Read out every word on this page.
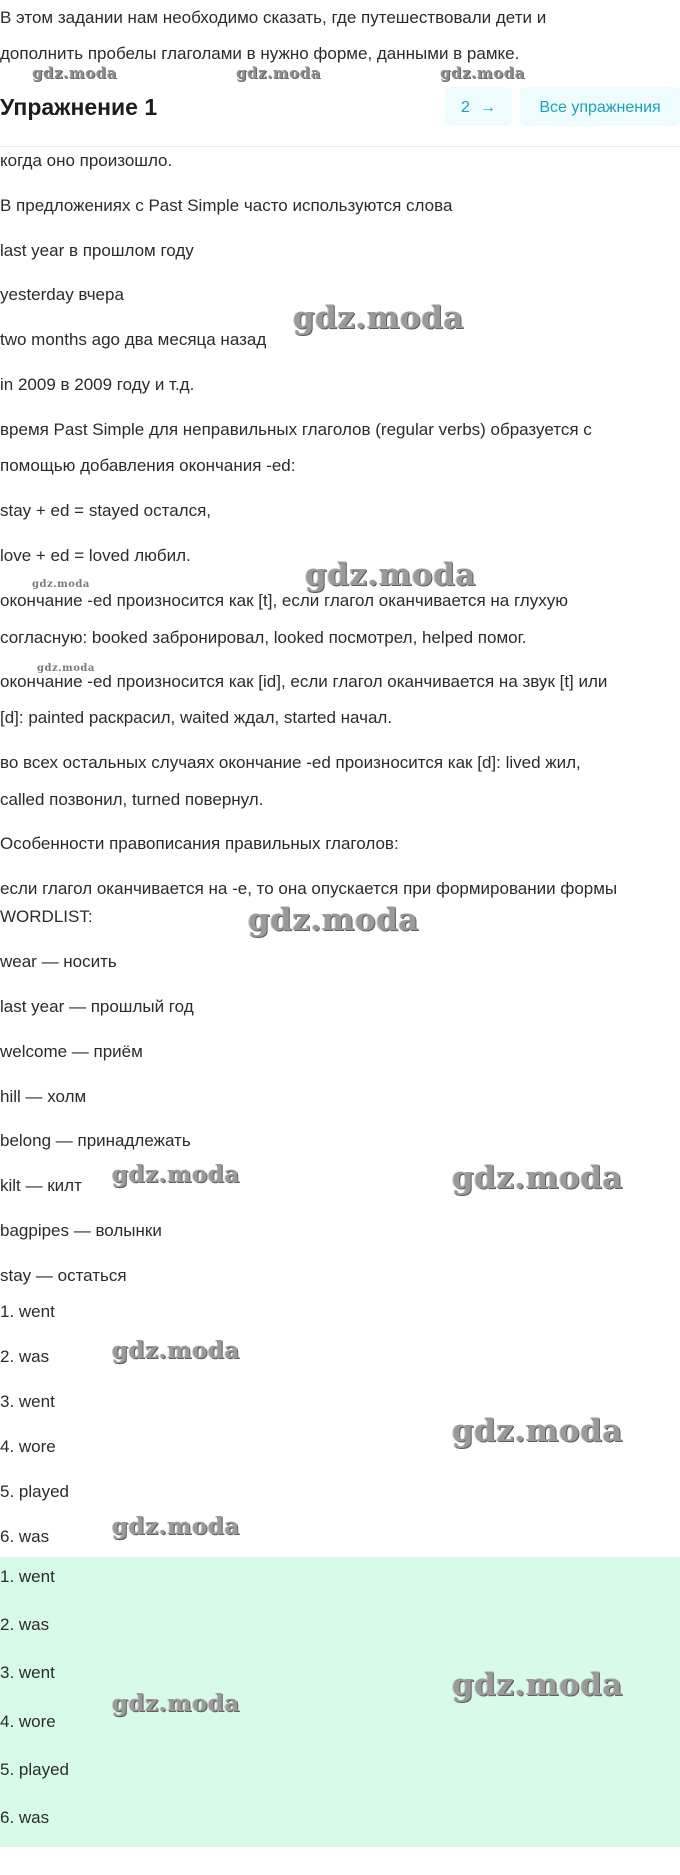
В этом задании нам необходимо сказать, где путешествовали дети и
дополнить пробелы глаголами в нужно форме, данными в рамке.
Упражнение 1	2 →	Все упражнения
когда оно произошло.
В предложениях с Past Simple часто используются слова
last year в прошлом году
yesterday вчера
two months ago два месяца назад
in 2009 в 2009 году и т.д.
время Past Simple для неправильных глаголов (regular verbs) образуется с
помощью добавления окончания -ed:
stay + ed = stayed остался,
love + ed = loved любил.
окончание -ed произносится как [t], если глагол оканчивается на глухую
согласную: booked забронировал, looked посмотрел, helped помог.
окончание -ed произносится как [id], если глагол оканчивается на звук [t] или
[d]: painted раскрасил, waited ждал, started начал.
во всех остальных случаях окончание -ed произносится как [d]: lived жил,
called позвонил, turned повернул.
Особенности правописания правильных глаголов:
если глагол оканчивается на -е, то она опускается при формировании формы
WORDLIST:
wear — носить
last year — прошлый год
welcome — приём
hill — холм
belong — принадлежать
kilt — килт
bagpipes — волынки
stay — остаться
1. went
2. was
3. went
4. wore
5. played
6. was
1. went
2. was
3. went
4. wore
5. played
6. was
gdz.moda	gdz.moda	gdz.moda
gdz.moda
gdz.moda
gdz.moda
gdz.moda
gdz.moda
gdz.moda	gdz.moda
gdz.moda
gdz.moda
gdz.moda
gdz.moda
gdz.moda
